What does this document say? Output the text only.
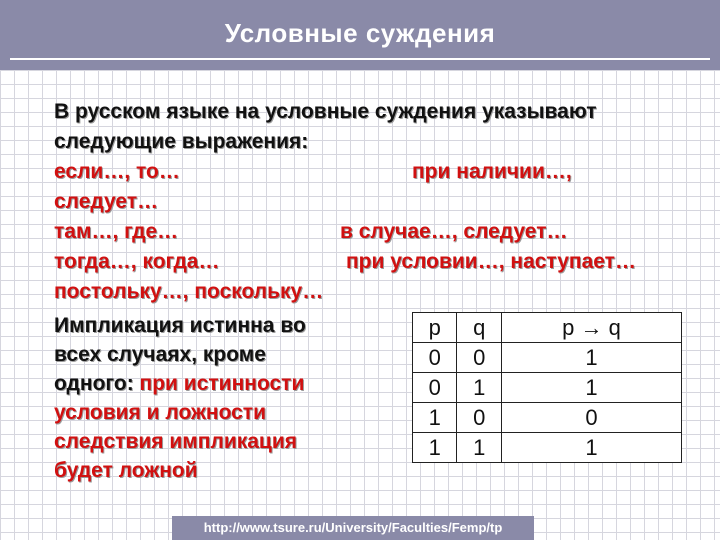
Условные суждения
В русском языке на условные суждения указывают
следующие выражения:
если…, то…	при наличии…,
следует…
там…, где…	в случае…, следует…
тогда…, когда…	при условии…, наступает…
постольку…, поскольку…
Импликация истинна во
всех случаях, кроме
одного: при истинности
условия и ложности
следствия импликация
будет ложной
p	q	p → q
0	0	1
0	1	1
1	0	0
1	1	1
http://www.tsure.ru/University/Faculties/Femp/tp
